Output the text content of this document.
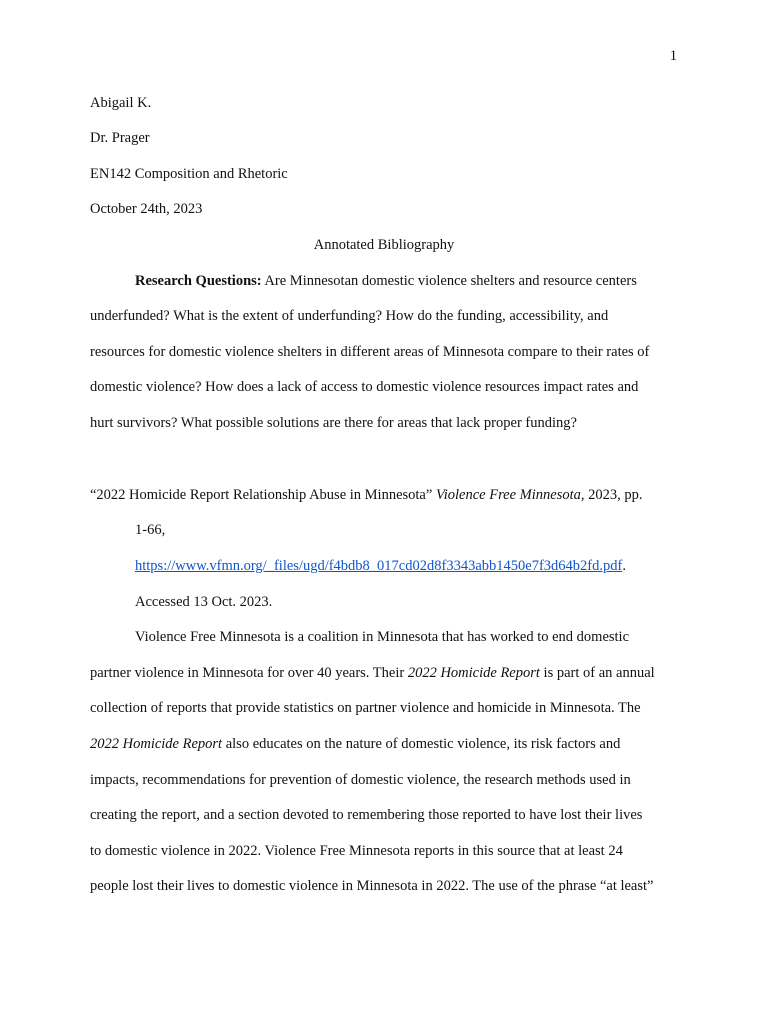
1
Abigail K.
Dr. Prager
EN142 Composition and Rhetoric
October 24th, 2023
Annotated Bibliography
Research Questions: Are Minnesotan domestic violence shelters and resource centers
underfunded? What is the extent of underfunding? How do the funding, accessibility, and
resources for domestic violence shelters in different areas of Minnesota compare to their rates of
domestic violence? How does a lack of access to domestic violence resources impact rates and
hurt survivors? What possible solutions are there for areas that lack proper funding?
“2022 Homicide Report Relationship Abuse in Minnesota” Violence Free Minnesota, 2023, pp.
1-66,
https://www.vfmn.org/_files/ugd/f4bdb8_017cd02d8f3343abb1450e7f3d64b2fd.pdf.
Accessed 13 Oct. 2023.
Violence Free Minnesota is a coalition in Minnesota that has worked to end domestic
partner violence in Minnesota for over 40 years. Their 2022 Homicide Report is part of an annual
collection of reports that provide statistics on partner violence and homicide in Minnesota. The
2022 Homicide Report also educates on the nature of domestic violence, its risk factors and
impacts, recommendations for prevention of domestic violence, the research methods used in
creating the report, and a section devoted to remembering those reported to have lost their lives
to domestic violence in 2022. Violence Free Minnesota reports in this source that at least 24
people lost their lives to domestic violence in Minnesota in 2022. The use of the phrase “at least”
